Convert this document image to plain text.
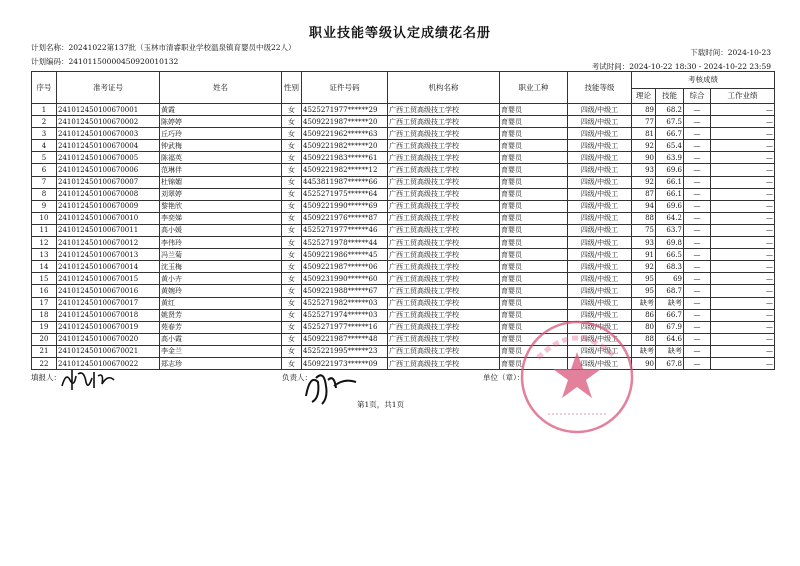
职业技能等级认定成绩花名册
计划名称：20241022第137批（玉林市清睿职业学校温泉镇育婴员中级22人）
计划编码：24101150000450920010132
下载时间：2024-10-23
考试时间：2024-10-22 18:30 - 2024-10-22 23:59
序号	准考证号	姓名	性别	证件号码	机构名称	职业工种	技能等级	考核成绩			
								理论	技能	综合	工作业绩
1	241012450100670001	黄霞	女	4525271977******29	广西工贸高级技工学校	育婴员	四级/中级工	89	68.2	—	—
2	241012450100670002	陈婷婷	女	4509221987******20	广西工贸高级技工学校	育婴员	四级/中级工	77	67.5	—	—
3	241012450100670003	丘巧玲	女	4509221962******63	广西工贸高级技工学校	育婴员	四级/中级工	81	66.7	—	—
4	241012450100670004	钟武梅	女	4509221982******20	广西工贸高级技工学校	育婴员	四级/中级工	92	65.4	—	—
5	241012450100670005	陈福英	女	4509221983******61	广西工贸高级技工学校	育婴员	四级/中级工	90	63.9	—	—
6	241012450100670006	范琳伴	女	4509221982******12	广西工贸高级技工学校	育婴员	四级/中级工	93	69.6	—	—
7	241012450100670007	杜锦媚	女	4453811987******66	广西工贸高级技工学校	育婴员	四级/中级工	92	66.1	—	—
8	241012450100670008	刘翠婷	女	4525271975******64	广西工贸高级技工学校	育婴员	四级/中级工	87	66.1	—	—
9	241012450100670009	黎艳欣	女	4509221990******69	广西工贸高级技工学校	育婴员	四级/中级工	94	69.6	—	—
10	241012450100670010	李奕娣	女	4509221976******87	广西工贸高级技工学校	育婴员	四级/中级工	88	64.2	—	—
11	241012450100670011	高小媛	女	4525271977******46	广西工贸高级技工学校	育婴员	四级/中级工	75	63.7	—	—
12	241012450100670012	李伟玲	女	4525271978******44	广西工贸高级技工学校	育婴员	四级/中级工	93	69.8	—	—
13	241012450100670013	冯兰菊	女	4509221986******45	广西工贸高级技工学校	育婴员	四级/中级工	91	66.5	—	—
14	241012450100670014	沈玉梅	女	4509221987******06	广西工贸高级技工学校	育婴员	四级/中级工	92	68.3	—	—
15	241012450100670015	黄小卉	女	4509231990******60	广西工贸高级技工学校	育婴员	四级/中级工	95	69	—	—
16	241012450100670016	黄婉玲	女	4509221988******67	广西工贸高级技工学校	育婴员	四级/中级工	95	68.7	—	—
17	241012450100670017	黄红	女	4525271982******03	广西工贸高级技工学校	育婴员	四级/中级工	缺考	缺考	—	—
18	241012450100670018	姚贤芳	女	4525271974******03	广西工贸高级技工学校	育婴员	四级/中级工	86	66.7	—	—
19	241012450100670019	苑春芳	女	4525271977******16	广西工贸高级技工学校	育婴员	四级/中级工	80	67.9	—	—
20	241012450100670020	高小霞	女	4509221987******48	广西工贸高级技工学校	育婴员	四级/中级工	88	64.6	—	—
21	241012450100670021	李金兰	女	4525221995******23	广西工贸高级技工学校	育婴员	四级/中级工	缺考	缺考	—	—
22	241012450100670022	郑志珍	女	4509221973******09	广西工贸高级技工学校	育婴员	四级/中级工	90	67.8	—	—
填报人：	负责人：
第1页，共1页
单位（章）：
